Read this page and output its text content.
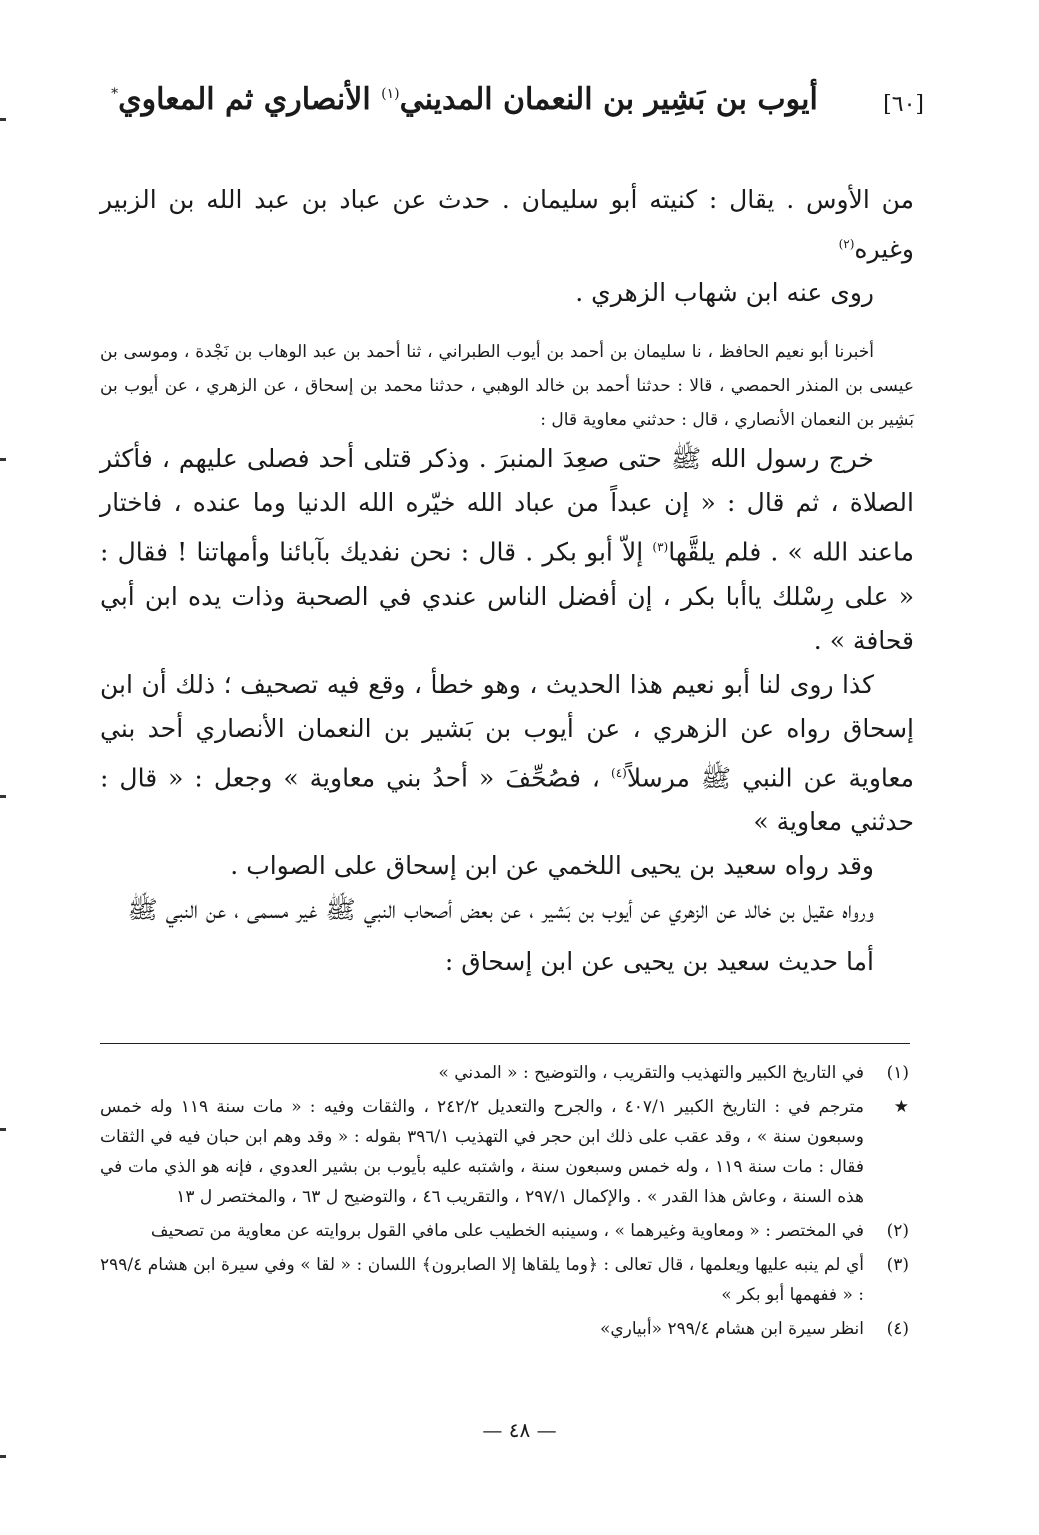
[٦٠]
أيوب بن بَشِير بن النعمان المديني$^{(١)}$ الأنصاري ثم المعاوي*

من الأوس . يقال : كنيته أبو سليمان . حدث عن عباد بن عبد الله بن الزبير وغيره$^{(٢)}$

روى عنه ابن شهاب الزهري .

أخبرنا أبو نعيم الحافظ ، نا سليمان بن أحمد بن أيوب الطبراني ، ثنا أحمد بن عبد الوهاب بن نَجْدة ، وموسى بن عيسى بن المنذر الحمصي ، قالا : حدثنا أحمد بن خالد الوهبي ، حدثنا محمد بن إسحاق ، عن الزهري ، عن أيوب بن بَشِير بن النعمان الأنصاري ، قال : حدثني معاوية قال :

خرج رسول الله ﷺ حتى صعِدَ المنبرَ . وذكر قتلى أحد فصلى عليهم ، فأكثر الصلاة ، ثم قال : « إن عبداً من عباد الله خيّره الله الدنيا وما عنده ، فاختار ماعند الله » . فلم يلقَّها$^{(٣)}$ إلاّ أبو بكر . قال : نحن نفديك بآبائنا وأمهاتنا ! فقال : « على رِسْلك ياأبا بكر ، إن أفضل الناس عندي في الصحبة وذات يده ابن أبي قحافة » .

كذا روى لنا أبو نعيم هذا الحديث ، وهو خطأ ، وقع فيه تصحيف ؛ ذلك أن ابن إسحاق رواه عن الزهري ، عن أيوب بن بَشير بن النعمان الأنصاري أحد بني معاوية عن النبي ﷺ مرسلاً$^{(٤)}$ ، فصُحِّفَ « أحدُ بني معاوية » وجعل : « قال : حدثني معاوية »

وقد رواه سعيد بن يحيى اللخمي عن ابن إسحاق على الصواب .

ورواه عقيل بن خالد عن الزهري عن أيوب بن بَشير ، عن بعض أصحاب النبي ﷺ غير مسمى ، عن النبي ﷺ

أما حديث سعيد بن يحيى عن ابن إسحاق :

(١)
في التاريخ الكبير والتهذيب والتقريب ، والتوضيح : « المدني »
★
مترجم في : التاريخ الكبير ٤٠٧/١ ، والجرح والتعديل ٢٤٢/٢ ، والثقات وفيه : « مات سنة ١١٩ وله خمس وسبعون سنة » ، وقد عقب على ذلك ابن حجر في التهذيب ٣٩٦/١ بقوله : « وقد وهم ابن حبان فيه في الثقات فقال : مات سنة ١١٩ ، وله خمس وسبعون سنة ، واشتبه عليه بأيوب بن بشير العدوي ، فإنه هو الذي مات في هذه السنة ، وعاش هذا القدر » . والإكمال ٢٩٧/١ ، والتقريب ٤٦ ، والتوضيح ل ٦٣ ، والمختصر ل ١٣
(٢)
في المختصر : « ومعاوية وغيرهما » ، وسينبه الخطيب على مافي القول بروايته عن معاوية من تصحيف
(٣)
أي لم ينبه عليها ويعلمها ، قال تعالى : ﴿وما يلقاها إلا الصابرون﴾ اللسان : « لقا » وفي سيرة ابن هشام ٢٩٩/٤ : « ففهمها أبو بكر »
(٤)
انظر سيرة ابن هشام ٢٩٩/٤ «أبياري»
— ٤٨ —
